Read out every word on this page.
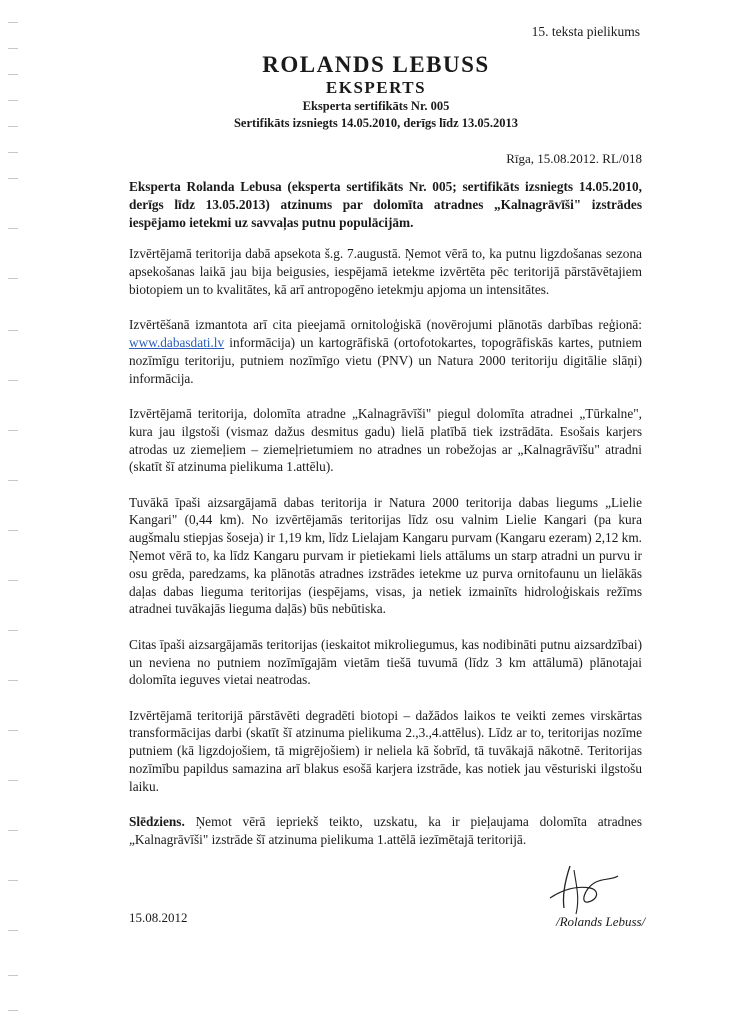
15. teksta pielikums
ROLANDS LEBUSS
EKSPERTS
Eksperta sertifikāts Nr. 005
Sertifikāts izsniegts 14.05.2010, derīgs līdz 13.05.2013
Rīga, 15.08.2012. RL/018

Eksperta Rolanda Lebusa (eksperta sertifikāts Nr. 005; sertifikāts izsniegts 14.05.2010, derīgs līdz 13.05.2013) atzinums par dolomīta atradnes „Kalnagrāvīši" izstrādes iespējamo ietekmi uz savvaļas putnu populācijām.

Izvērtējamā teritorija dabā apsekota š.g. 7.augustā. Ņemot vērā to, ka putnu ligzdošanas sezona apsekošanas laikā jau bija beigusies, iespējamā ietekme izvērtēta pēc teritorijā pārstāvētajiem biotopiem un to kvalitātes, kā arī antropogēno ietekmju apjoma un intensitātes.

Izvērtēšanā izmantota arī cita pieejamā ornitoloģiskā (novērojumi plānotās darbības reģionā: www.dabasdati.lv informācija) un kartogrāfiskā (ortofotokartes, topogrāfiskās kartes, putniem nozīmīgu teritoriju, putniem nozīmīgo vietu (PNV) un Natura 2000 teritoriju digitālie slāņi) informācija.

Izvērtējamā teritorija, dolomīta atradne „Kalnagrāvīši" piegul dolomīta atradnei „Tūrkalne", kura jau ilgstoši (vismaz dažus desmitus gadu) lielā platībā tiek izstrādāta. Esošais karjers atrodas uz ziemeļiem – ziemeļrietumiem no atradnes un robežojas ar „Kalnagrāvīšu" atradni (skatīt šī atzinuma pielikuma 1.attēlu).

Tuvākā īpaši aizsargājamā dabas teritorija ir Natura 2000 teritorija dabas liegums „Lielie Kangari" (0,44 km). No izvērtējamās teritorijas līdz osu valnim Lielie Kangari (pa kura augšmalu stiepjas šoseja) ir 1,19 km, līdz Lielajam Kangaru purvam (Kangaru ezeram) 2,12 km. Ņemot vērā to, ka līdz Kangaru purvam ir pietiekami liels attālums un starp atradni un purvu ir osu grēda, paredzams, ka plānotās atradnes izstrādes ietekme uz purva ornitofaunu un lielākās daļas dabas lieguma teritorijas (iespējams, visas, ja netiek izmainīts hidroloģiskais režīms atradnei tuvākajās lieguma daļās) būs nebūtiska.

Citas īpaši aizsargājamās teritorijas (ieskaitot mikroliegumus, kas nodibināti putnu aizsardzībai) un neviena no putniem nozīmīgajām vietām tiešā tuvumā (līdz 3 km attālumā) plānotajai dolomīta ieguves vietai neatrodas.

Izvērtējamā teritorijā pārstāvēti degradēti biotopi – dažādos laikos te veikti zemes virskārtas transformācijas darbi (skatīt šī atzinuma pielikuma 2.,3.,4.attēlus). Līdz ar to, teritorijas nozīme putniem (kā ligzdojošiem, tā migrējošiem) ir neliela kā šobrīd, tā tuvākajā nākotnē. Teritorijas nozīmību papildus samazina arī blakus esošā karjera izstrāde, kas notiek jau vēsturiski ilgstošu laiku.

Slēdziens. Ņemot vērā iepriekš teikto, uzskatu, ka ir pieļaujama dolomīta atradnes „Kalnagrāvīši" izstrāde šī atzinuma pielikuma 1.attēlā iezīmētajā teritorijā.

15.08.2012	/Rolands Lebuss/
